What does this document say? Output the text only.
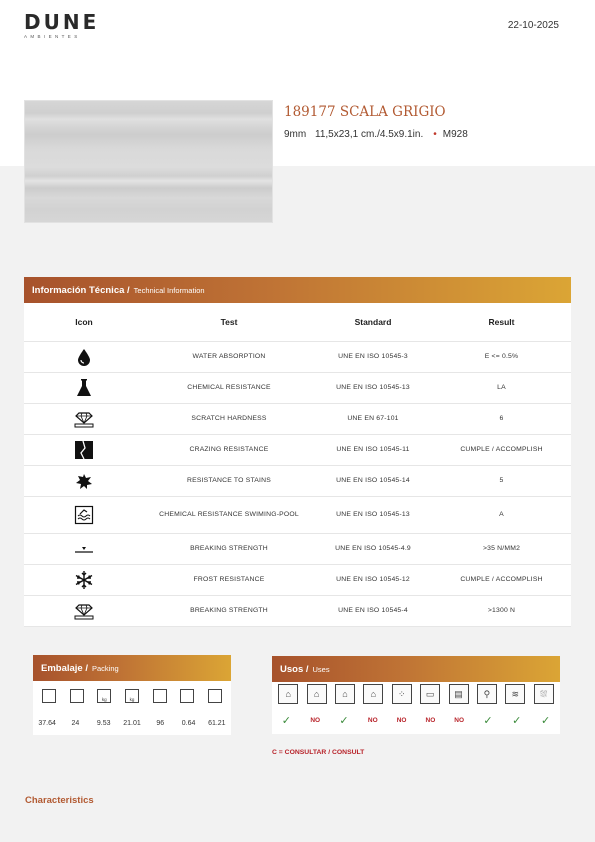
DUNE
AMBIENTES
22-10-2025
189177 SCALA GRIGIO
9mm 11,5x23,1 cm./4.5x9.1in. • M928
Información Técnica / Technical Information
Icon	Test	Standard	Result
	WATER ABSORPTION	UNE EN ISO 10545-3	E <= 0.5%
	CHEMICAL RESISTANCE	UNE EN ISO 10545-13	LA
	SCRATCH HARDNESS	UNE EN 67-101	6
	CRAZING RESISTANCE	UNE EN ISO 10545-11	CUMPLE / ACCOMPLISH
	RESISTANCE TO STAINS	UNE EN ISO 10545-14	5
	CHEMICAL RESISTANCE SWIMING-POOL	UNE EN ISO 10545-13	A
	BREAKING STRENGTH	UNE EN ISO 10545-4.9	>35 N/MM2
	FROST RESISTANCE	UNE EN ISO 10545-12	CUMPLE / ACCOMPLISH
	BREAKING STRENGTH	UNE EN ISO 10545-4	>1300 N
Embalaje / Packing
kg	kg
37.64	24	9.53	21.01	96	0.64	61.21
Usos / Uses
⌂	⌂	⌂	⌂	⁘	▭	▤	⚲	≋	⛆
✓	NO	✓	NO	NO	NO	NO	✓	✓	✓
C = CONSULTAR / CONSULT
Characteristics
